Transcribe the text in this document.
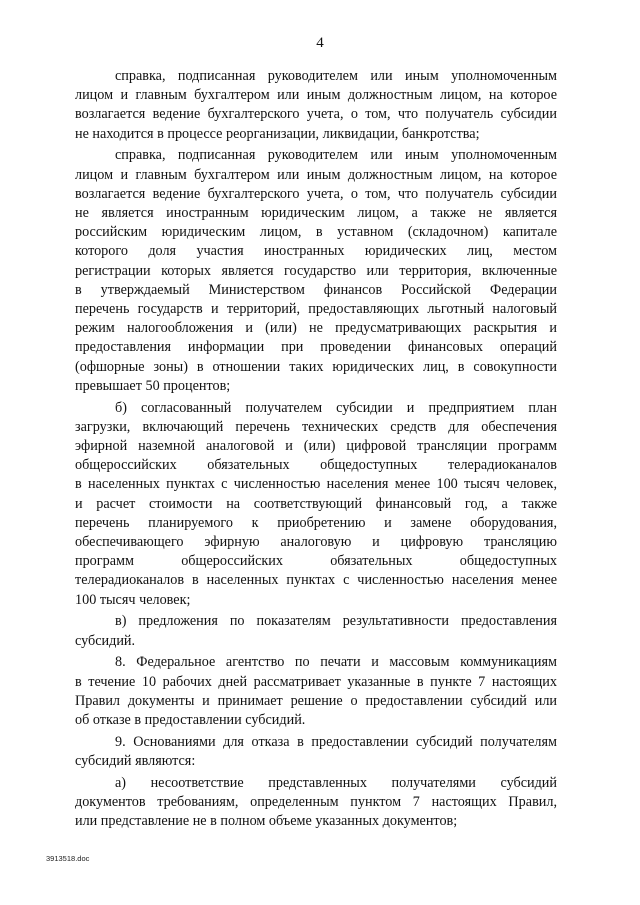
4
справка, подписанная руководителем или иным уполномоченным
лицом и главным бухгалтером или иным должностным лицом, на которое
возлагается ведение бухгалтерского учета, о том, что получатель субсидии
не находится в процессе реорганизации, ликвидации, банкротства;
справка, подписанная руководителем или иным уполномоченным
лицом и главным бухгалтером или иным должностным лицом, на которое
возлагается ведение бухгалтерского учета, о том, что получатель субсидии
не является иностранным юридическим лицом, а также не является
российским юридическим лицом, в уставном (складочном) капитале
которого доля участия иностранных юридических лиц, местом
регистрации которых является государство или территория, включенные
в утверждаемый Министерством финансов Российской Федерации
перечень государств и территорий, предоставляющих льготный налоговый
режим налогообложения и (или) не предусматривающих раскрытия и
предоставления информации при проведении финансовых операций
(офшорные зоны) в отношении таких юридических лиц, в совокупности
превышает 50 процентов;
б) согласованный получателем субсидии и предприятием план
загрузки, включающий перечень технических средств для обеспечения
эфирной наземной аналоговой и (или) цифровой трансляции программ
общероссийских обязательных общедоступных телерадиоканалов
в населенных пунктах с численностью населения менее 100 тысяч человек,
и расчет стоимости на соответствующий финансовый год, а также
перечень планируемого к приобретению и замене оборудования,
обеспечивающего эфирную аналоговую и цифровую трансляцию
программ общероссийских обязательных общедоступных
телерадиоканалов в населенных пунктах с численностью населения менее
100 тысяч человек;
в) предложения по показателям результативности предоставления
субсидий.
8. Федеральное агентство по печати и массовым коммуникациям
в течение 10 рабочих дней рассматривает указанные в пункте 7 настоящих
Правил документы и принимает решение о предоставлении субсидий или
об отказе в предоставлении субсидий.
9. Основаниями для отказа в предоставлении субсидий получателям
субсидий являются:
а) несоответствие представленных получателями субсидий
документов требованиям, определенным пунктом 7 настоящих Правил,
или представление не в полном объеме указанных документов;
3913518.doc
